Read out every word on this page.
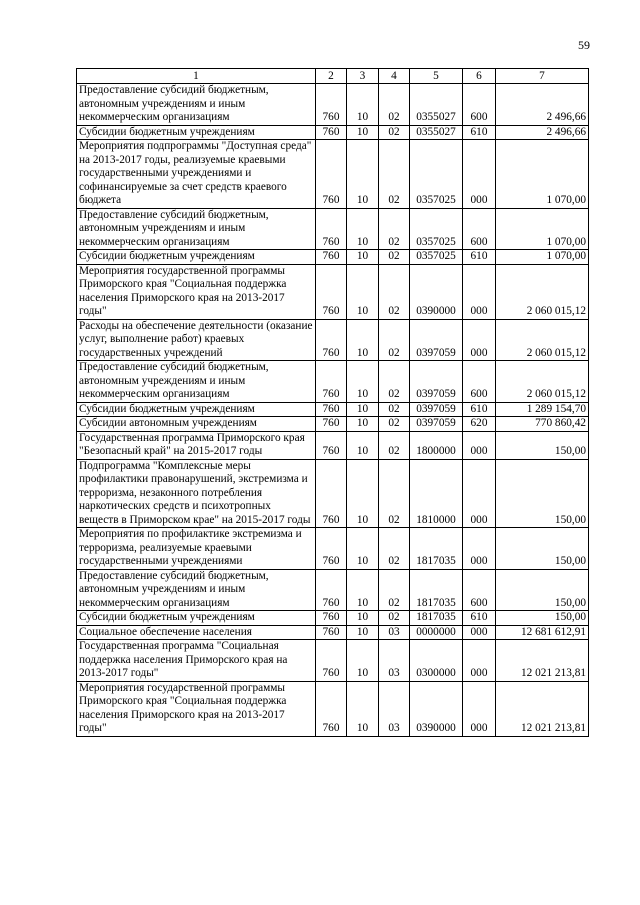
59
1	2	3	4	5	6	7
Предоставление субсидий бюджетным, автономным учреждениям и иным некоммерческим организациям	760	10	02	0355027	600	2 496,66
Субсидии бюджетным учреждениям	760	10	02	0355027	610	2 496,66
Мероприятия подпрограммы "Доступная среда" на 2013-2017 годы, реализуемые краевыми государственными учреждениями и софинансируемые за счет средств краевого бюджета	760	10	02	0357025	000	1 070,00
Предоставление субсидий бюджетным, автономным учреждениям и иным некоммерческим организациям	760	10	02	0357025	600	1 070,00
Субсидии бюджетным учреждениям	760	10	02	0357025	610	1 070,00
Мероприятия государственной программы Приморского края "Социальная поддержка населения Приморского края на 2013-2017 годы"	760	10	02	0390000	000	2 060 015,12
Расходы на обеспечение деятельности (оказание услуг, выполнение работ) краевых государственных учреждений	760	10	02	0397059	000	2 060 015,12
Предоставление субсидий бюджетным, автономным учреждениям и иным некоммерческим организациям	760	10	02	0397059	600	2 060 015,12
Субсидии бюджетным учреждениям	760	10	02	0397059	610	1 289 154,70
Субсидии автономным учреждениям	760	10	02	0397059	620	770 860,42
Государственная программа Приморского края "Безопасный край" на 2015-2017 годы	760	10	02	1800000	000	150,00
Подпрограмма "Комплексные меры профилактики правонарушений, экстремизма и терроризма, незаконного потребления наркотических средств и психотропных веществ в Приморском крае" на 2015-2017 годы	760	10	02	1810000	000	150,00
Мероприятия по профилактике экстремизма и терроризма, реализуемые краевыми государственными учреждениями	760	10	02	1817035	000	150,00
Предоставление субсидий бюджетным, автономным учреждениям и иным некоммерческим организациям	760	10	02	1817035	600	150,00
Субсидии бюджетным учреждениям	760	10	02	1817035	610	150,00
Социальное обеспечение населения	760	10	03	0000000	000	12 681 612,91
Государственная программа "Социальная поддержка населения Приморского края на 2013-2017 годы"	760	10	03	0300000	000	12 021 213,81
Мероприятия государственной программы Приморского края "Социальная поддержка населения Приморского края на 2013-2017 годы"	760	10	03	0390000	000	12 021 213,81
